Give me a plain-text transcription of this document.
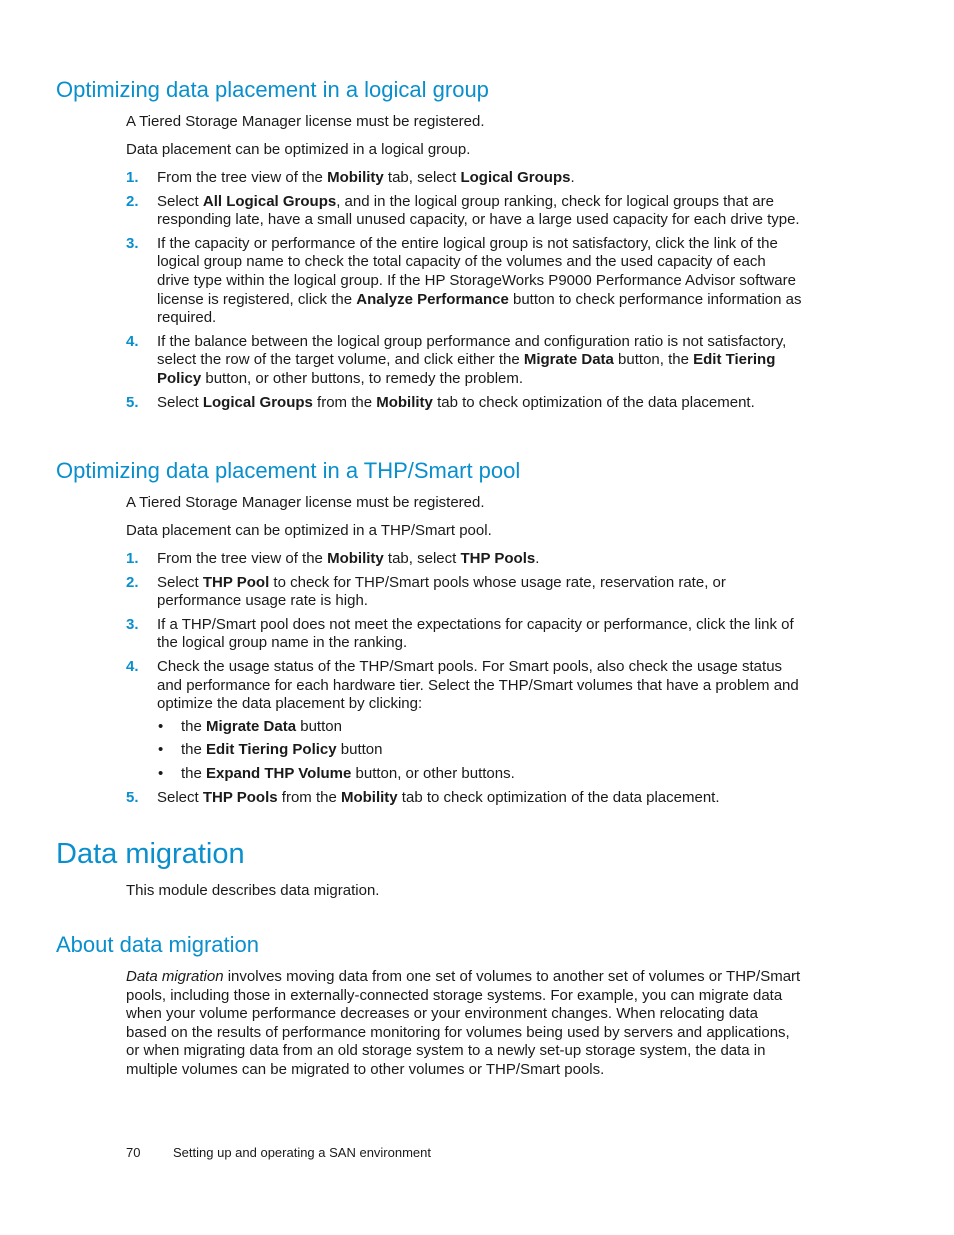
Optimizing data placement in a logical group

A Tiered Storage Manager license must be registered.

Data placement can be optimized in a logical group.

1. From the tree view of the Mobility tab, select Logical Groups.
2. Select All Logical Groups, and in the logical group ranking, check for logical groups that are responding late, have a small unused capacity, or have a large used capacity for each drive type.
3. If the capacity or performance of the entire logical group is not satisfactory, click the link of the logical group name to check the total capacity of the volumes and the used capacity of each drive type within the logical group. If the HP StorageWorks P9000 Performance Advisor software license is registered, click the Analyze Performance button to check performance information as required.
4. If the balance between the logical group performance and configuration ratio is not satisfactory, select the row of the target volume, and click either the Migrate Data button, the Edit Tiering Policy button, or other buttons, to remedy the problem.
5. Select Logical Groups from the Mobility tab to check optimization of the data placement.
Optimizing data placement in a THP/Smart pool

A Tiered Storage Manager license must be registered.

Data placement can be optimized in a THP/Smart pool.

1. From the tree view of the Mobility tab, select THP Pools.
2. Select THP Pool to check for THP/Smart pools whose usage rate, reservation rate, or performance usage rate is high.
3. If a THP/Smart pool does not meet the expectations for capacity or performance, click the link of the logical group name in the ranking.
4. Check the usage status of the THP/Smart pools. For Smart pools, also check the usage status and performance for each hardware tier. Select the THP/Smart volumes that have a problem and optimize the data placement by clicking:
• the Migrate Data button
• the Edit Tiering Policy button
• the Expand THP Volume button, or other buttons.
5. Select THP Pools from the Mobility tab to check optimization of the data placement.
Data migration

This module describes data migration.

About data migration

Data migration involves moving data from one set of volumes to another set of volumes or THP/Smart pools, including those in externally-connected storage systems. For example, you can migrate data when your volume performance decreases or your environment changes. When relocating data based on the results of performance monitoring for volumes being used by servers and applications, or when migrating data from an old storage system to a newly set-up storage system, the data in multiple volumes can be migrated to other volumes or THP/Smart pools.

70	Setting up and operating a SAN environment
